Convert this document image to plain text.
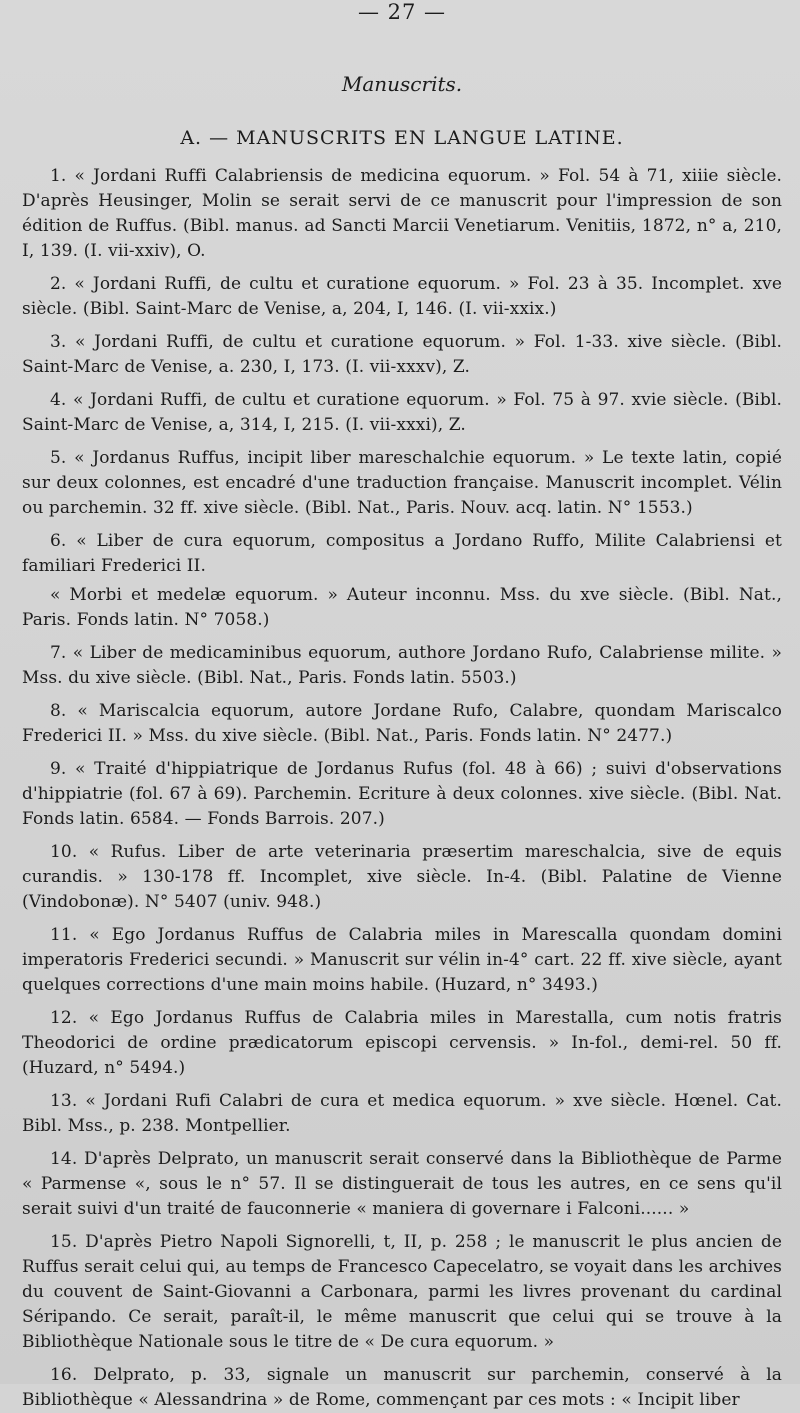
— 27 —
Manuscrits.
A. — MANUSCRITS EN LANGUE LATINE.

1. « Jordani Ruffi Calabriensis de medicina equorum. » Fol. 54 à 71, xiiie siècle. D'après Heusinger, Molin se serait servi de ce manuscrit pour l'impression de son édition de Ruffus. (Bibl. manus. ad Sancti Marcii Venetiarum. Venitiis, 1872, n° a, 210, I, 139. (I. vii-xxiv), O.

2. « Jordani Ruffi, de cultu et curatione equorum. » Fol. 23 à 35. Incomplet. xve siècle. (Bibl. Saint-Marc de Venise, a, 204, I, 146. (I. vii-xxix.)

3. « Jordani Ruffi, de cultu et curatione equorum. » Fol. 1-33. xive siècle. (Bibl. Saint-Marc de Venise, a. 230, I, 173. (I. vii-xxxv), Z.

4. « Jordani Ruffi, de cultu et curatione equorum. » Fol. 75 à 97. xvie siècle. (Bibl. Saint-Marc de Venise, a, 314, I, 215. (I. vii-xxxi), Z.

5. « Jordanus Ruffus, incipit liber mareschalchie equorum. » Le texte latin, copié sur deux colonnes, est encadré d'une traduction française. Manuscrit incomplet. Vélin ou parchemin. 32 ff. xive siècle. (Bibl. Nat., Paris. Nouv. acq. latin. N° 1553.)

6. « Liber de cura equorum, compositus a Jordano Ruffo, Milite Calabriensi et familiari Frederici II.

« Morbi et medelæ equorum. » Auteur inconnu. Mss. du xve siècle. (Bibl. Nat., Paris. Fonds latin. N° 7058.)

7. « Liber de medicaminibus equorum, authore Jordano Rufo, Calabriense milite. » Mss. du xive siècle. (Bibl. Nat., Paris. Fonds latin. 5503.)

8. « Mariscalcia equorum, autore Jordane Rufo, Calabre, quondam Mariscalco Frederici II. » Mss. du xive siècle. (Bibl. Nat., Paris. Fonds latin. N° 2477.)

9. « Traité d'hippiatrique de Jordanus Rufus (fol. 48 à 66) ; suivi d'observations d'hippiatrie (fol. 67 à 69). Parchemin. Ecriture à deux colonnes. xive siècle. (Bibl. Nat. Fonds latin. 6584. — Fonds Barrois. 207.)

10. « Rufus. Liber de arte veterinaria præsertim mareschalcia, sive de equis curandis. » 130-178 ff. Incomplet, xive siècle. In-4. (Bibl. Palatine de Vienne (Vindobonæ). N° 5407 (univ. 948.)

11. « Ego Jordanus Ruffus de Calabria miles in Marescalla quondam domini imperatoris Frederici secundi. » Manuscrit sur vélin in-4° cart. 22 ff. xive siècle, ayant quelques corrections d'une main moins habile. (Huzard, n° 3493.)

12. « Ego Jordanus Ruffus de Calabria miles in Marestalla, cum notis fratris Theodorici de ordine prædicatorum episcopi cervensis. » In-fol., demi-rel. 50 ff. (Huzard, n° 5494.)

13. « Jordani Rufi Calabri de cura et medica equorum. » xve siècle. Hœnel. Cat. Bibl. Mss., p. 238. Montpellier.

14. D'après Delprato, un manuscrit serait conservé dans la Bibliothèque de Parme « Parmense «, sous le n° 57. Il se distinguerait de tous les autres, en ce sens qu'il serait suivi d'un traité de fauconnerie « maniera di governare i Falconi...... »

15. D'après Pietro Napoli Signorelli, t, II, p. 258 ; le manuscrit le plus ancien de Ruffus serait celui qui, au temps de Francesco Capecelatro, se voyait dans les archives du couvent de Saint-Giovanni a Carbonara, parmi les livres provenant du cardinal Séripando. Ce serait, paraît-il, le même manuscrit que celui qui se trouve à la Bibliothèque Nationale sous le titre de « De cura equorum. »

16. Delprato, p. 33, signale un manuscrit sur parchemin, conservé à la Bibliothèque « Alessandrina » de Rome, commençant par ces mots : « Incipit liber
